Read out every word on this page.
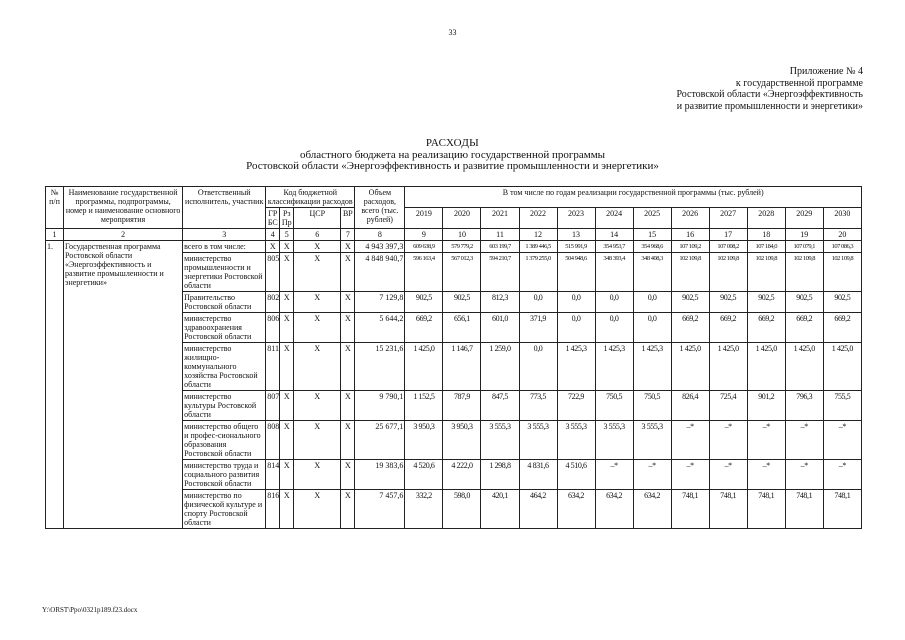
33
Приложение № 4
к государственной программе
Ростовской области «Энергоэффективность
и развитие промышленности и энергетики»
РАСХОДЫ
областного бюджета на реализацию государственной программы
Ростовской области «Энергоэффективность и развитие промышленности и энергетики»
№ п/п	Наименование государственной программы, подпрограммы, номер и наименование основного мероприятия	Ответственный исполнитель, участник	Код бюджетной классификации расходов				Объем расходов, всего (тыс. рублей)	В том числе по годам реализации государственной программы (тыс. рублей)											
			ГР БС	Рз Пр	ЦСР	ВР		2019	2020	2021	2022	2023	2024	2025	2026	2027	2028	2029	2030
1	2	3	4	5	6	7	8	9	10	11	12	13	14	15	16	17	18	19	20
1.	Государственная программа Ростовской области «Энергоэффективность и развитие промышленности и энергетики»	всего в том числе:	X	X	X	X	4 943 397,3	609 638,9	579 779,2	603 199,7	1 389 446,5	515 991,9	354 953,7	354 968,6	107 109,2	107 008,2	107 184,0	107 079,1	107 086,3
		министерство промышленности и энергетики Ростовской области	805	X	X	X	4 848 940,7	596 163,4	567 012,3	594 210,7	1 379 255,0	504 948,6	348 393,4	348 408,3	102 109,8	102 109,8	102 109,8	102 109,8	102 109,8
		Правительство Ростовской области	802	X	X	X	7 129,8	902,5	902,5	812,3	0,0	0,0	0,0	0,0	902,5	902,5	902,5	902,5	902,5
		министерство здравоохранения Ростовской области	806	X	X	X	5 644,2	669,2	656,1	601,0	371,9	0,0	0,0	0,0	669,2	669,2	669,2	669,2	669,2
		министерство жилищно-коммунального хозяйства Ростовской области	811	X	X	X	15 231,6	1 425,0	1 146,7	1 259,0	0,0	1 425,3	1 425,3	1 425,3	1 425,0	1 425,0	1 425,0	1 425,0	1 425,0
		министерство культуры Ростовской области	807	X	X	X	9 790,1	1 152,5	787,9	847,5	773,5	722,9	750,5	750,5	826,4	725,4	901,2	796,3	755,5
		министерство общего и профес-сионального образования Ростовской области	808	X	X	X	25 677,1	3 950,3	3 950,3	3 555,3	3 555,3	3 555,3	3 555,3	3 555,3	–*	–*	–*	–*	–*
		министерство труда и социального развития Ростовской области	814	X	X	X	19 383,6	4 520,6	4 222,0	1 298,8	4 831,6	4 510,6	–*	–*	–*	–*	–*	–*	–*
		министерство по физической культуре и спорту Ростовской области	816	X	X	X	7 457,6	332,2	598,0	420,1	464,2	634,2	634,2	634,2	748,1	748,1	748,1	748,1	748,1
Y:\ORST\Ppo\0321p189.f23.docx
